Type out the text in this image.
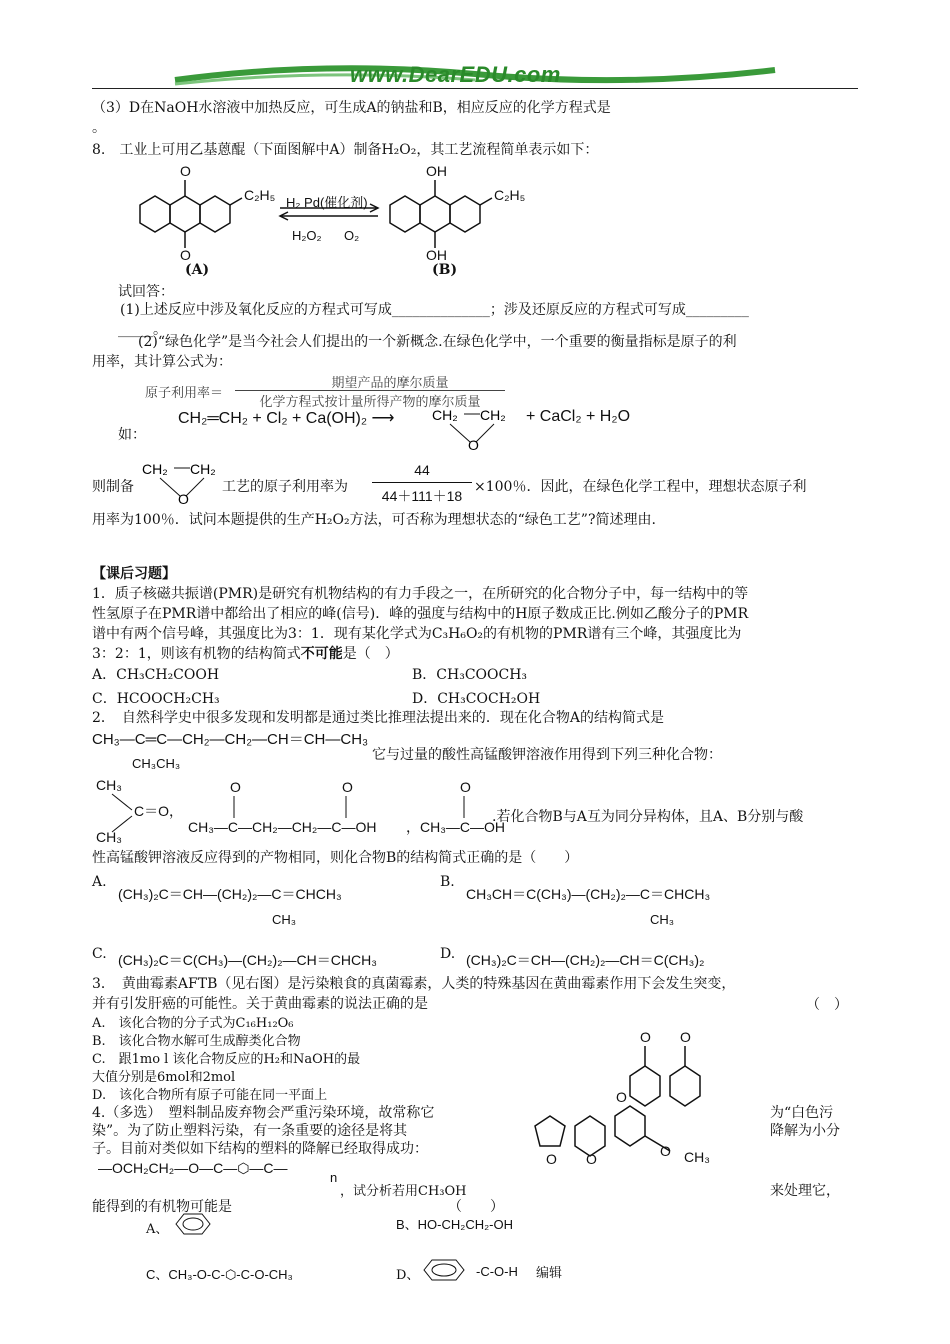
www.DearEDU.com
（3）D在NaOH水溶液中加热反应，可生成A的钠盐和B，相应反应的化学方程式是
。
8.　工业上可用乙基蒽醌（下面图解中A）制备H₂O₂，其工艺流程简单表示如下：
O
O
C₂H₅
OH
OH
C₂H₅
H₂ Pd(催化剂)
H₂O₂ O₂
(A)	(B)
试回答：
(1)上述反应中涉及氧化反应的方程式可写成______________；涉及还原反应的方程式可写成_________
_____。
(2)“绿色化学”是当今社会人们提出的一个新概念.在绿色化学中，一个重要的衡量指标是原子的利
用率，其计算公式为：
原子利用率＝
期望产品的摩尔质量
化学方程式按计量所得产物的摩尔质量
CH₂═CH₂ + Cl₂ + Ca(OH)₂ ⟶	CH₂ CH₂
O
+ CaCl₂ + H₂O
如：
则制备
CH₂ CH₂
O
工艺的原子利用率为
44
44＋111＋18
×100％．因此，在绿色化学工程中，理想状态原子利
用率为100％．试问本题提供的生产H₂O₂方法，可否称为理想状态的“绿色工艺”?简述理由.
【课后习题】
1．质子核磁共振谱(PMR)是研究有机物结构的有力手段之一，在所研究的化合物分子中，每一结构中的等
性氢原子在PMR谱中都给出了相应的峰(信号)．峰的强度与结构中的H原子数成正比.例如乙酸分子的PMR
谱中有两个信号峰，其强度比为3：1．现有某化学式为C₃H₆O₂的有机物的PMR谱有三个峰，其强度比为
3：2：1，则该有机物的结构简式不可能是（　）
A．CH₃CH₂COOH	B．CH₃COOCH₃
C．HCOOCH₂CH₃	D．CH₃COCH₂OH
2．　自然科学史中很多发现和发明都是通过类比推理法提出来的．现在化合物A的结构简式是
CH₃—C═C—CH₂—CH₂—CH＝CH—CH₃
CH₃CH₃
它与过量的酸性高锰酸钾溶液作用得到下列三种化合物：
CH₃
CH₃
C＝O，
O	O
CH₃—C—CH₂—CH₂—C—OH ，CH₃—C—OH
O
.若化合物B与A互为同分异构体，且A、B分别与酸
性高锰酸钾溶液反应得到的产物相同，则化合物B的结构简式正确的是（　　）
A.
(CH₃)₂C＝CH—(CH₂)₂—C＝CHCH₃
CH₃
B.
CH₃CH＝C(CH₃)—(CH₂)₂—C＝CHCH₃
CH₃
C. (CH₃)₂C＝C(CH₃)—(CH₂)₂—CH＝CHCH₃	D. (CH₃)₂C＝CH—(CH₂)₂—CH＝C(CH₃)₂
3．　黄曲霉素AFTB（见右图）是污染粮食的真菌霉素，人类的特殊基因在黄曲霉素作用下会发生突变，
并有引发肝癌的可能性。关于黄曲霉素的说法正确的是	（　）
A.　该化合物的分子式为C₁₆H₁₂O₆
B.　该化合物水解可生成醇类化合物
C.　跟1mo l 该化合物反应的H₂和NaOH的最
大值分别是6mol和2mol
D.　该化合物所有原子可能在同一平面上
O O
O
O O	O CH₃
4.（多选）　塑料制品废弃物会严重污染环境，故常称它	为“白色污
染”。为了防止塑料污染，有一条重要的途径是将其	降解为小分
子。目前对类似如下结构的塑料的降解已经取得成功：
—OCH₂CH₂—O—C—⬡—C—
n
，试分析若用CH₃OH	来处理它，
能得到的有机物可能是	（　　）
A、	B、HO-CH₂CH₂-OH
C、CH₃-O-C-⬡-C-O-CH₃	D、	-C-O-H 编辑
